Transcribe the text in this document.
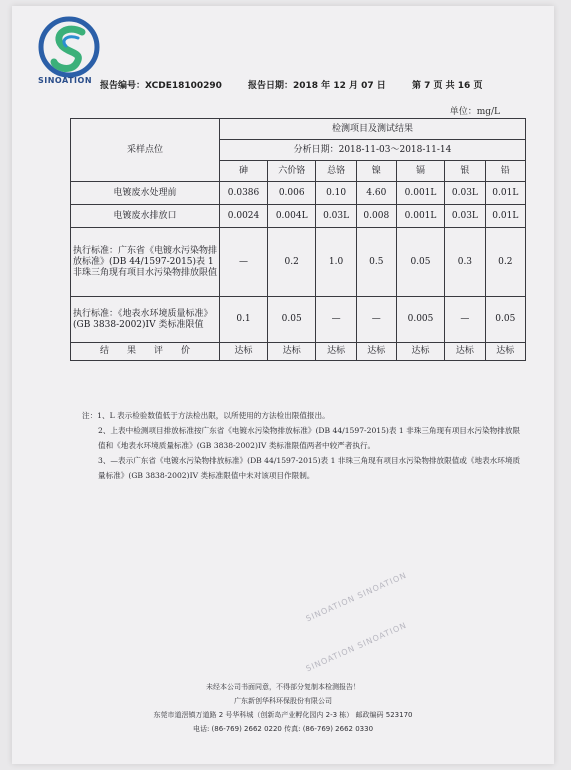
SINOATION
报告编号：XCDE18100290	报告日期：2018 年 12 月 07 日	第 7 页 共 16 页
单位：mg/L
采样点位	检测项目及测试结果						
	分析日期：2018-11-03～2018-11-14						
	砷	六价铬	总铬	镍	镉	银	铅
电镀废水处理前	0.0386	0.006	0.10	4.60	0.001L	0.03L	0.01L
电镀废水排放口	0.0024	0.004L	0.03L	0.008	0.001L	0.03L	0.01L
执行标准：广东省《电镀水污染物排放标准》(DB 44/1597-2015)表 1 非珠三角现有项目水污染物排放限值	—	0.2	1.0	0.5	0.05	0.3	0.2
执行标准：《地表水环境质量标准》(GB 3838-2002)IV 类标准限值	0.1	0.05	—	—	0.005	—	0.05
结　　果　　评　　价	达标	达标	达标	达标	达标	达标	达标

注：1、L 表示检验数值低于方法检出限，以所使用的方法检出限值报出。

2、上表中检测项目排放标准按广东省《电镀水污染物排放标准》(DB 44/1597-2015)表 1 非珠三角现有项目水污染物排放限值和《地表水环境质量标准》(GB 3838-2002)IV 类标准限值两者中较严者执行。

3、—表示广东省《电镀水污染物排放标准》(DB 44/1597-2015)表 1 非珠三角现有项目水污染物排放限值或《地表水环境质量标准》(GB 3838-2002)IV 类标准限值中未对该项目作限制。

SINOATION SINOATION
SINOATION SINOATION
未经本公司书面同意，不得部分复制本检测报告！
广东新创华科环保股份有限公司
东莞市道滘镇万道路 2 号华科城（创新岛产业孵化园内 2-3 栋） 邮政编码 523170
电话: (86-769) 2662 0220 传真: (86-769) 2662 0330
